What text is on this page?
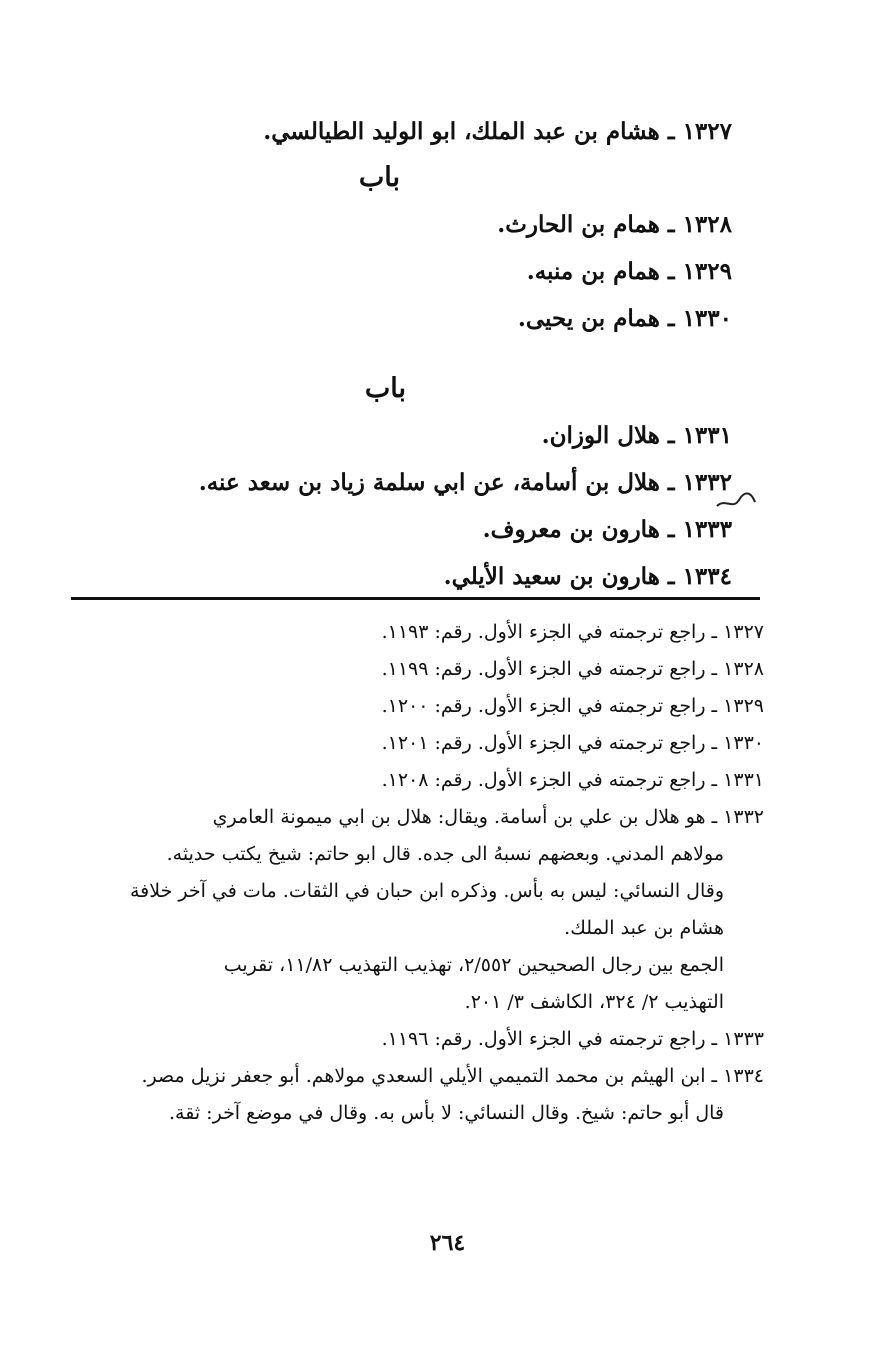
١٣٢٧ ـ هشام بن عبد الملك، ابو الوليد الطيالسي.
باب
١٣٢٨ ـ همام بن الحارث.
١٣٢٩ ـ همام بن منبه.
١٣٣٠ ـ همام بن يحيى.
باب
١٣٣١ ـ هلال الوزان.
١٣٣٢ ـ هلال بن أسامة، عن ابي سلمة زياد بن سعد عنه.
١٣٣٣ ـ هارون بن معروف.
١٣٣٤ ـ هارون بن سعيد الأيلي.
١٣٢٧ ـ راجع ترجمته في الجزء الأول. رقم: ١١٩٣.
١٣٢٨ ـ راجع ترجمته في الجزء الأول. رقم: ١١٩٩.
١٣٢٩ ـ راجع ترجمته في الجزء الأول. رقم: ١٢٠٠.
١٣٣٠ ـ راجع ترجمته في الجزء الأول. رقم: ١٢٠١.
١٣٣١ ـ راجع ترجمته في الجزء الأول. رقم: ١٢٠٨.
١٣٣٢ ـ هو هلال بن علي بن أسامة. ويقال: هلال بن ابي ميمونة العامري
مولاهم المدني. وبعضهم نسبهُ الى جده. قال ابو حاتم: شيخ يكتب حديثه.
وقال النسائي: ليس به بأس. وذكره ابن حبان في الثقات. مات في آخر خلافة
هشام بن عبد الملك.
الجمع بين رجال الصحيحين ٢/٥٥٢، تهذيب التهذيب ١١/٨٢، تقريب
التهذيب ٢/ ٣٢٤، الكاشف ٣/ ٢٠١.
١٣٣٣ ـ راجع ترجمته في الجزء الأول. رقم: ١١٩٦.
١٣٣٤ ـ ابن الهيثم بن محمد التميمي الأيلي السعدي مولاهم. أبو جعفر نزيل مصر.
قال أبو حاتم: شيخ. وقال النسائي: لا بأس به. وقال في موضع آخر: ثقة.
٢٦٤
